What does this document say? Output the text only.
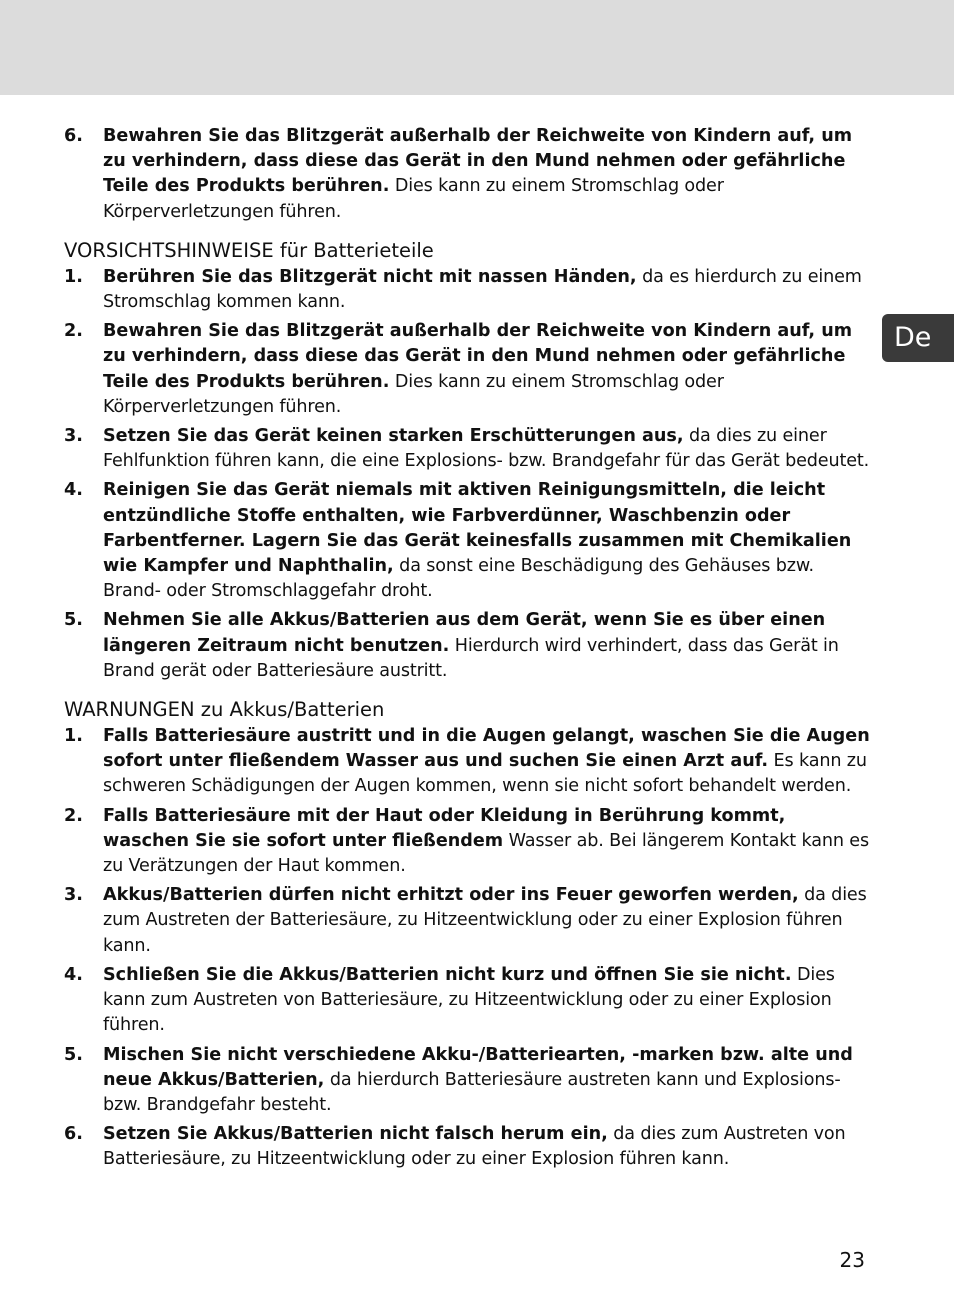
De
6.	Bewahren Sie das Blitzgerät außerhalb der Reichweite von Kindern auf, um zu verhindern, dass diese das Gerät in den Mund nehmen oder gefährliche Teile des Produkts berühren. Dies kann zu einem Stromschlag oder Körperverletzungen führen.
VORSICHTSHINWEISE für Batterieteile
1.	Berühren Sie das Blitzgerät nicht mit nassen Händen, da es hierdurch zu einem Stromschlag kommen kann.
2.	Bewahren Sie das Blitzgerät außerhalb der Reichweite von Kindern auf, um zu verhindern, dass diese das Gerät in den Mund nehmen oder gefährliche Teile des Produkts berühren. Dies kann zu einem Stromschlag oder Körperverletzungen führen.
3.	Setzen Sie das Gerät keinen starken Erschütterungen aus, da dies zu einer Fehlfunktion führen kann, die eine Explosions- bzw. Brandgefahr für das Gerät bedeutet.
4.	Reinigen Sie das Gerät niemals mit aktiven Reinigungsmitteln, die leicht entzündliche Stoffe enthalten, wie Farbverdünner, Waschbenzin oder Farbentferner. Lagern Sie das Gerät keinesfalls zusammen mit Chemikalien wie Kampfer und Naphthalin, da sonst eine Beschädigung des Gehäuses bzw. Brand- oder Stromschlaggefahr droht.
5.	Nehmen Sie alle Akkus/Batterien aus dem Gerät, wenn Sie es über einen längeren Zeitraum nicht benutzen. Hierdurch wird verhindert, dass das Gerät in Brand gerät oder Batteriesäure austritt.
WARNUNGEN zu Akkus/Batterien
1.	Falls Batteriesäure austritt und in die Augen gelangt, waschen Sie die Augen sofort unter fließendem Wasser aus und suchen Sie einen Arzt auf. Es kann zu schweren Schädigungen der Augen kommen, wenn sie nicht sofort behandelt werden.
2.	Falls Batteriesäure mit der Haut oder Kleidung in Berührung kommt, waschen Sie sie sofort unter fließendem Wasser ab. Bei längerem Kontakt kann es zu Verätzungen der Haut kommen.
3.	Akkus/Batterien dürfen nicht erhitzt oder ins Feuer geworfen werden, da dies zum Austreten der Batteriesäure, zu Hitzeentwicklung oder zu einer Explosion führen kann.
4.	Schließen Sie die Akkus/Batterien nicht kurz und öffnen Sie sie nicht. Dies kann zum Austreten von Batteriesäure, zu Hitzeentwicklung oder zu einer Explosion führen.
5.	Mischen Sie nicht verschiedene Akku-/Batteriearten, -marken bzw. alte und neue Akkus/Batterien, da hierdurch Batteriesäure austreten kann und Explosions- bzw. Brandgefahr besteht.
6.	Setzen Sie Akkus/Batterien nicht falsch herum ein, da dies zum Austreten von Batteriesäure, zu Hitzeentwicklung oder zu einer Explosion führen kann.
23
